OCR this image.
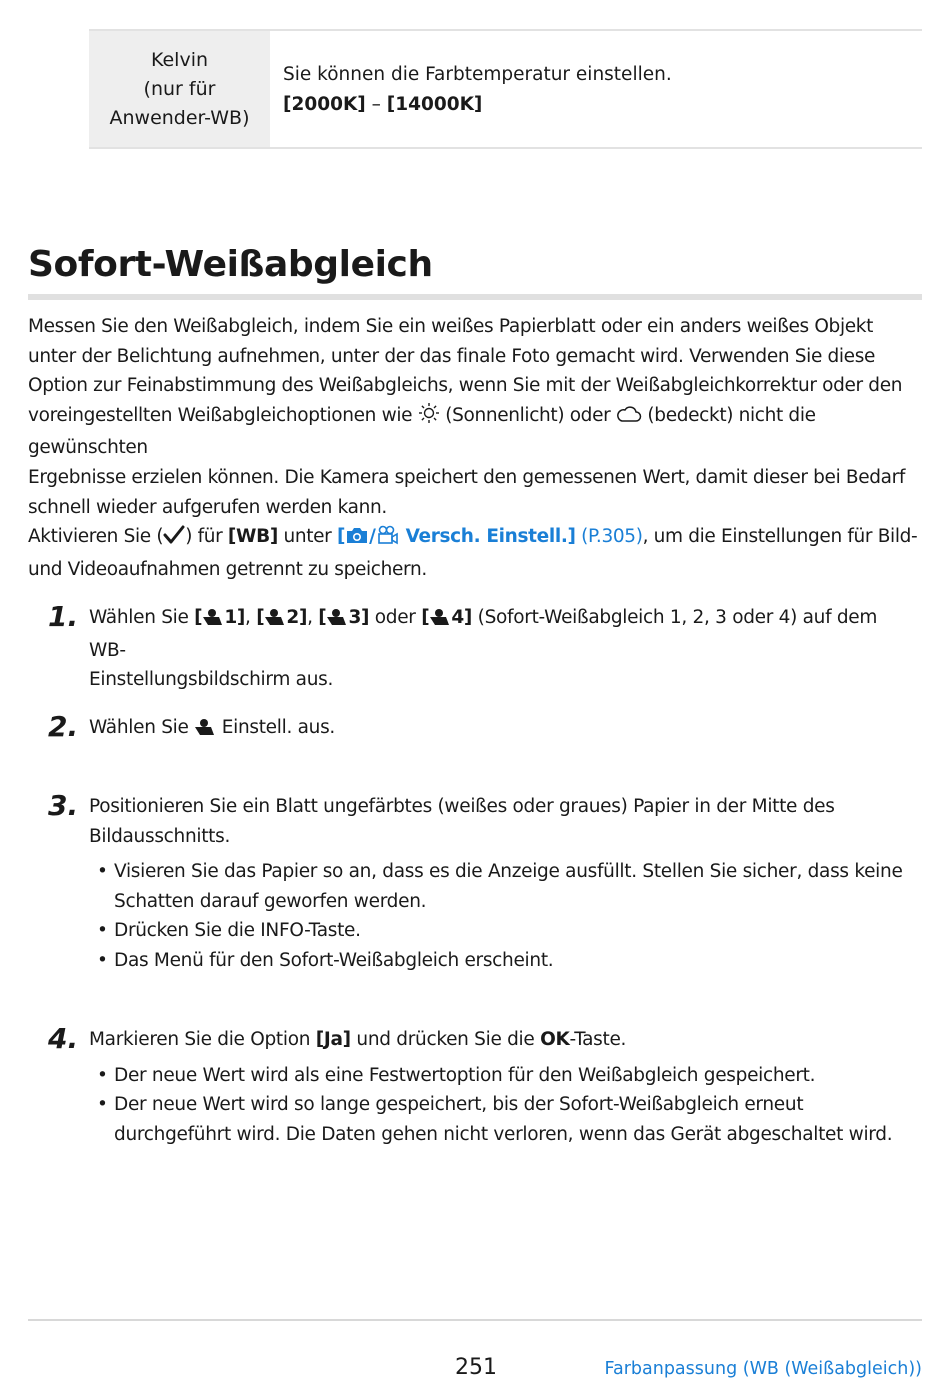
Kelvin
(nur für
Anwender-WB)
Sie können die Farbtemperatur einstellen.
[2000K] – [14000K]
Sofort-Weißabgleich

Messen Sie den Weißabgleich, indem Sie ein weißes Papierblatt oder ein anders weißes Objekt
unter der Belichtung aufnehmen, unter der das finale Foto gemacht wird. Verwenden Sie diese
Option zur Feinabstimmung des Weißabgleichs, wenn Sie mit der Weißabgleichkorrektur oder den
voreingestellten Weißabgleichoptionen wie  (Sonnenlicht) oder  (bedeckt) nicht die gewünschten
Ergebnisse erzielen können. Die Kamera speichert den gemessenen Wert, damit dieser bei Bedarf
schnell wieder aufgerufen werden kann.
Aktivieren Sie ( ) für [WB] unter [ / Versch. Einstell.] (P.305), um die Einstellungen für Bild-
und Videoaufnahmen getrennt zu speichern.

1. Wählen Sie [ 1], [ 2], [ 3] oder [ 4] (Sofort-Weißabgleich 1, 2, 3 oder 4) auf dem WB-
Einstellungsbildschirm aus.
2. Wählen Sie  Einstell. aus.
3. Positionieren Sie ein Blatt ungefärbtes (weißes oder graues) Papier in der Mitte des
Bildausschnitts.
• Visieren Sie das Papier so an, dass es die Anzeige ausfüllt. Stellen Sie sicher, dass keine Schatten darauf geworfen werden.
• Drücken Sie die INFO-Taste.
• Das Menü für den Sofort-Weißabgleich erscheint.
4. Markieren Sie die Option [Ja] und drücken Sie die OK-Taste.
• Der neue Wert wird als eine Festwertoption für den Weißabgleich gespeichert.
• Der neue Wert wird so lange gespeichert, bis der Sofort-Weißabgleich erneut durchgeführt wird. Die Daten gehen nicht verloren, wenn das Gerät abgeschaltet wird.
251	Farbanpassung (WB (Weißabgleich))
